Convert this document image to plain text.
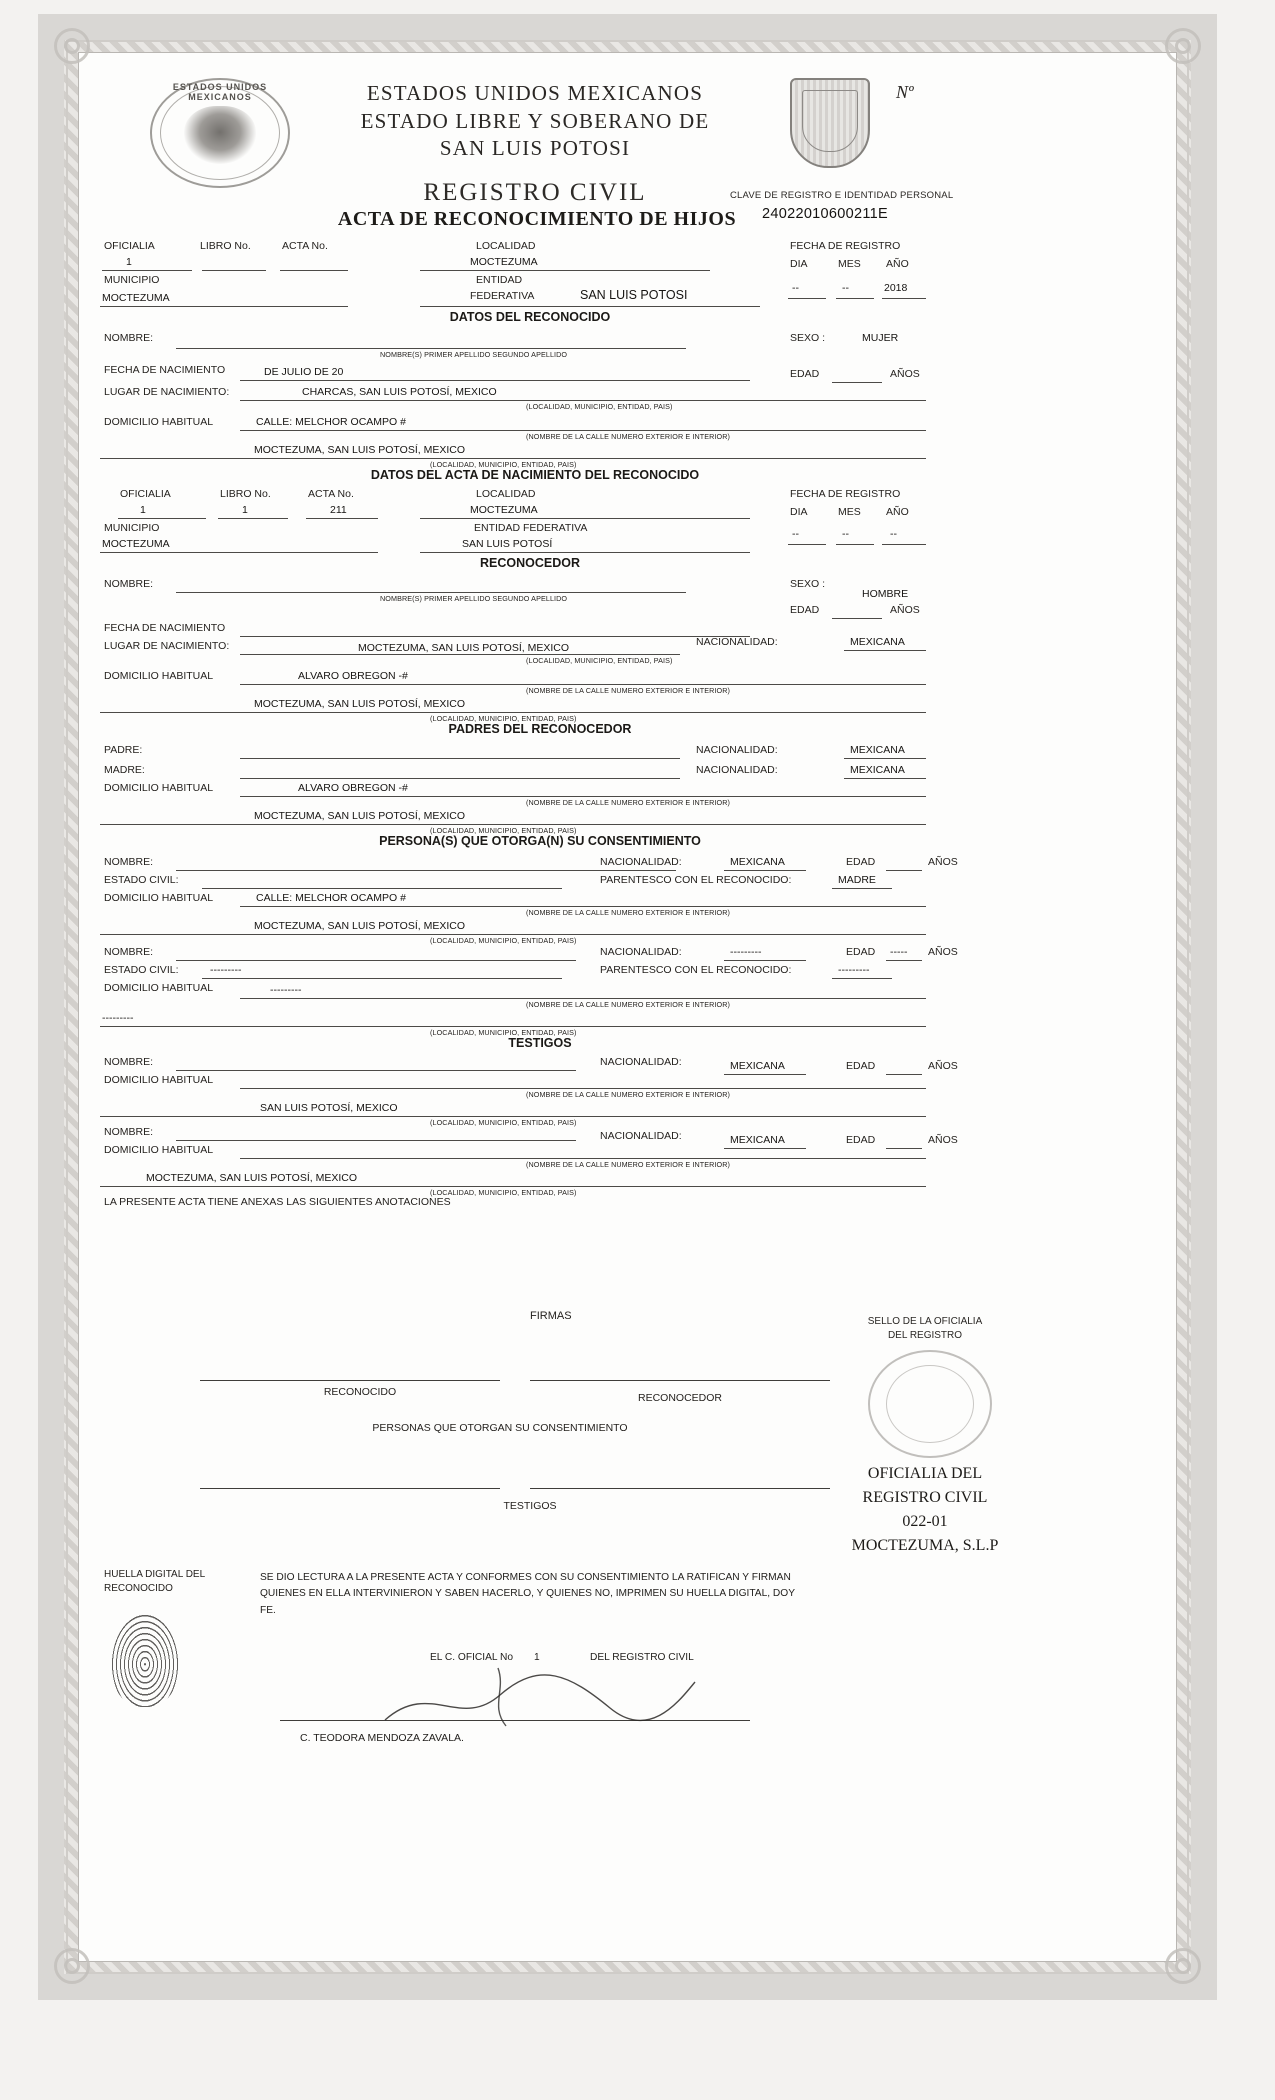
ESTADOS UNIDOS MEXICANOS	ESTADOS UNIDOS MEXICANOS
ESTADO LIBRE Y SOBERANO DE
SAN LUIS POTOSI
REGISTRO CIVIL
Nº
CLAVE DE REGISTRO E IDENTIDAD PERSONAL
24022010600211E
ACTA DE RECONOCIMIENTO DE HIJOS
OFICIALIA	LIBRO No.	ACTA No.
1
LOCALIDAD
MOCTEZUMA
MUNICIPIO
MOCTEZUMA
ENTIDAD
FEDERATIVA	SAN LUIS POTOSI
FECHA DE REGISTRO
DIA	MES AÑO
--	--	2018
DATOS DEL RECONOCIDO
NOMBRE:
NOMBRE(S) PRIMER APELLIDO SEGUNDO APELLIDO
SEXO :	MUJER
FECHA DE NACIMIENTO	DE JULIO DE 20	EDAD	AÑOS
LUGAR DE NACIMIENTO:	CHARCAS, SAN LUIS POTOSÍ, MEXICO
(LOCALIDAD, MUNICIPIO, ENTIDAD, PAIS)
DOMICILIO HABITUAL	CALLE: MELCHOR OCAMPO #
(NOMBRE DE LA CALLE NUMERO EXTERIOR E INTERIOR)
MOCTEZUMA, SAN LUIS POTOSÍ, MEXICO
(LOCALIDAD, MUNICIPIO, ENTIDAD, PAIS)
DATOS DEL ACTA DE NACIMIENTO DEL RECONOCIDO
OFICIALIA	LIBRO No.	ACTA No.
1	1	211
LOCALIDAD
MOCTEZUMA
MUNICIPIO
MOCTEZUMA
ENTIDAD FEDERATIVA
SAN LUIS POTOSÍ
FECHA DE REGISTRO
DIA	MES AÑO
--	--	--
RECONOCEDOR
NOMBRE:
NOMBRE(S) PRIMER APELLIDO SEGUNDO APELLIDO
SEXO :
HOMBRE
EDAD	AÑOS
FECHA DE NACIMIENTO
LUGAR DE NACIMIENTO:	MOCTEZUMA, SAN LUIS POTOSÍ, MEXICO	NACIONALIDAD:	MEXICANA
(LOCALIDAD, MUNICIPIO, ENTIDAD, PAIS)
DOMICILIO HABITUAL	ALVARO OBREGON -#
(NOMBRE DE LA CALLE NUMERO EXTERIOR E INTERIOR)
MOCTEZUMA, SAN LUIS POTOSÍ, MEXICO
(LOCALIDAD, MUNICIPIO, ENTIDAD, PAIS)
PADRES DEL RECONOCEDOR
PADRE:	NACIONALIDAD:	MEXICANA
MADRE:	NACIONALIDAD:	MEXICANA
DOMICILIO HABITUAL	ALVARO OBREGON -#
(NOMBRE DE LA CALLE NUMERO EXTERIOR E INTERIOR)
MOCTEZUMA, SAN LUIS POTOSÍ, MEXICO
(LOCALIDAD, MUNICIPIO, ENTIDAD, PAIS)
PERSONA(S) QUE OTORGA(N) SU CONSENTIMIENTO
NOMBRE:
ESTADO CIVIL:
NACIONALIDAD:	MEXICANA	EDAD	AÑOS
PARENTESCO CON EL RECONOCIDO:	MADRE
DOMICILIO HABITUAL	CALLE: MELCHOR OCAMPO #
(NOMBRE DE LA CALLE NUMERO EXTERIOR E INTERIOR)
MOCTEZUMA, SAN LUIS POTOSÍ, MEXICO
(LOCALIDAD, MUNICIPIO, ENTIDAD, PAIS)
NOMBRE:
ESTADO CIVIL:	---------
NACIONALIDAD:	---------	EDAD ----- AÑOS
PARENTESCO CON EL RECONOCIDO:	---------
DOMICILIO HABITUAL	---------
(NOMBRE DE LA CALLE NUMERO EXTERIOR E INTERIOR)
---------
(LOCALIDAD, MUNICIPIO, ENTIDAD, PAIS)
TESTIGOS
NOMBRE:	NACIONALIDAD:	MEXICANA	EDAD	AÑOS
DOMICILIO HABITUAL
(NOMBRE DE LA CALLE NUMERO EXTERIOR E INTERIOR)
SAN LUIS POTOSÍ, MEXICO
(LOCALIDAD, MUNICIPIO, ENTIDAD, PAIS)
NOMBRE:	NACIONALIDAD:	MEXICANA	EDAD	AÑOS
DOMICILIO HABITUAL
(NOMBRE DE LA CALLE NUMERO EXTERIOR E INTERIOR)
MOCTEZUMA, SAN LUIS POTOSÍ, MEXICO
(LOCALIDAD, MUNICIPIO, ENTIDAD, PAIS)
LA PRESENTE ACTA TIENE ANEXAS LAS SIGUIENTES ANOTACIONES
FIRMAS
RECONOCIDO	RECONOCEDOR
PERSONAS QUE OTORGAN SU CONSENTIMIENTO
TESTIGOS
SELLO DE LA OFICIALIA
DEL REGISTRO
OFICIALIA DEL
REGISTRO CIVIL
022-01
MOCTEZUMA, S.L.P
HUELLA DIGITAL DEL
RECONOCIDO
SE DIO LECTURA A LA PRESENTE ACTA Y CONFORMES CON SU CONSENTIMIENTO LA RATIFICAN Y FIRMAN QUIENES EN ELLA INTERVINIERON Y SABEN HACERLO, Y QUIENES NO, IMPRIMEN SU HUELLA DIGITAL, DOY FE.
EL C. OFICIAL No 1	DEL REGISTRO CIVIL
C. TEODORA MENDOZA ZAVALA.
